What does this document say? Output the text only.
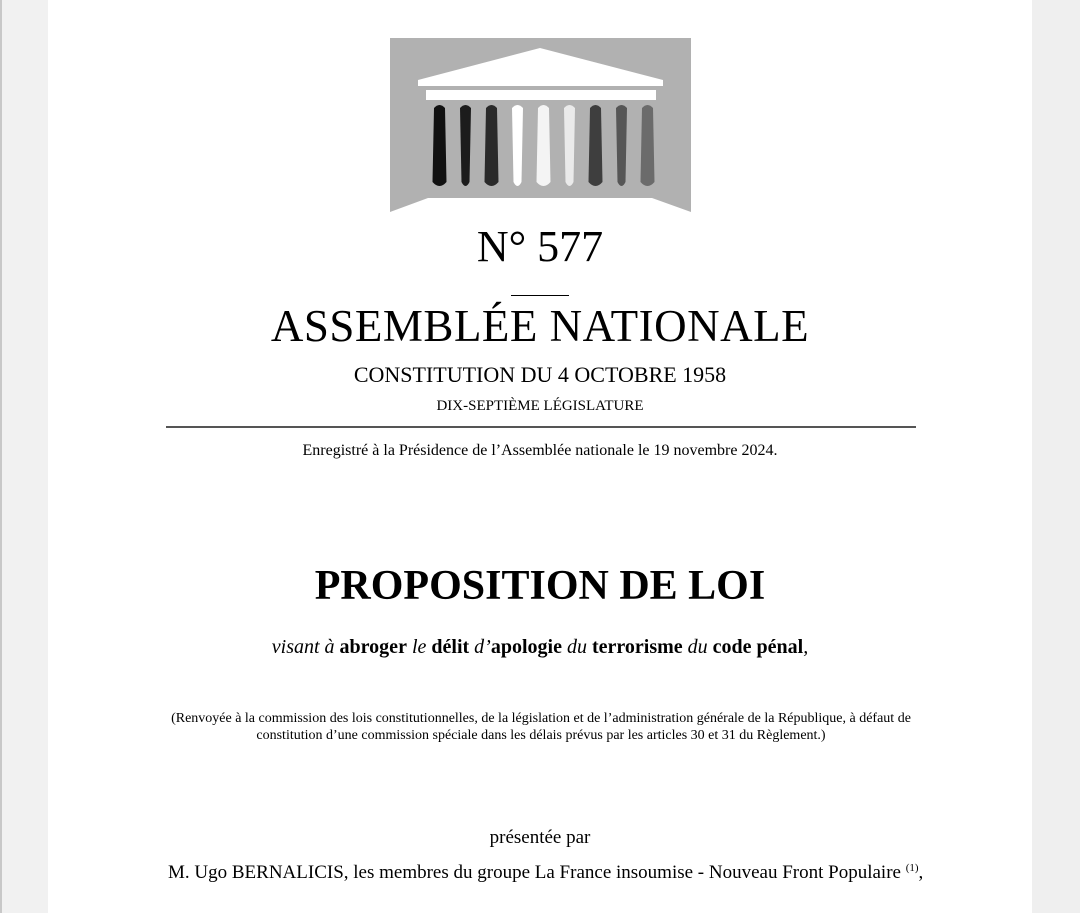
N° 577
ASSEMBLÉE NATIONALE
CONSTITUTION DU 4 OCTOBRE 1958
DIX-SEPTIÈME LÉGISLATURE
Enregistré à la Présidence de l’Assemblée nationale le 19 novembre 2024.
PROPOSITION DE LOI
visant à abroger le délit d’apologie du terrorisme du code pénal,
(Renvoyée à la commission des lois constitutionnelles, de la législation et de l’administration générale de la République, à défaut de constitution d’une commission spéciale dans les délais prévus par les articles 30 et 31 du Règlement.)
présentée par
M. Ugo BERNALICIS, les membres du groupe La France insoumise - Nouveau Front Populaire $^{(1)}$,
